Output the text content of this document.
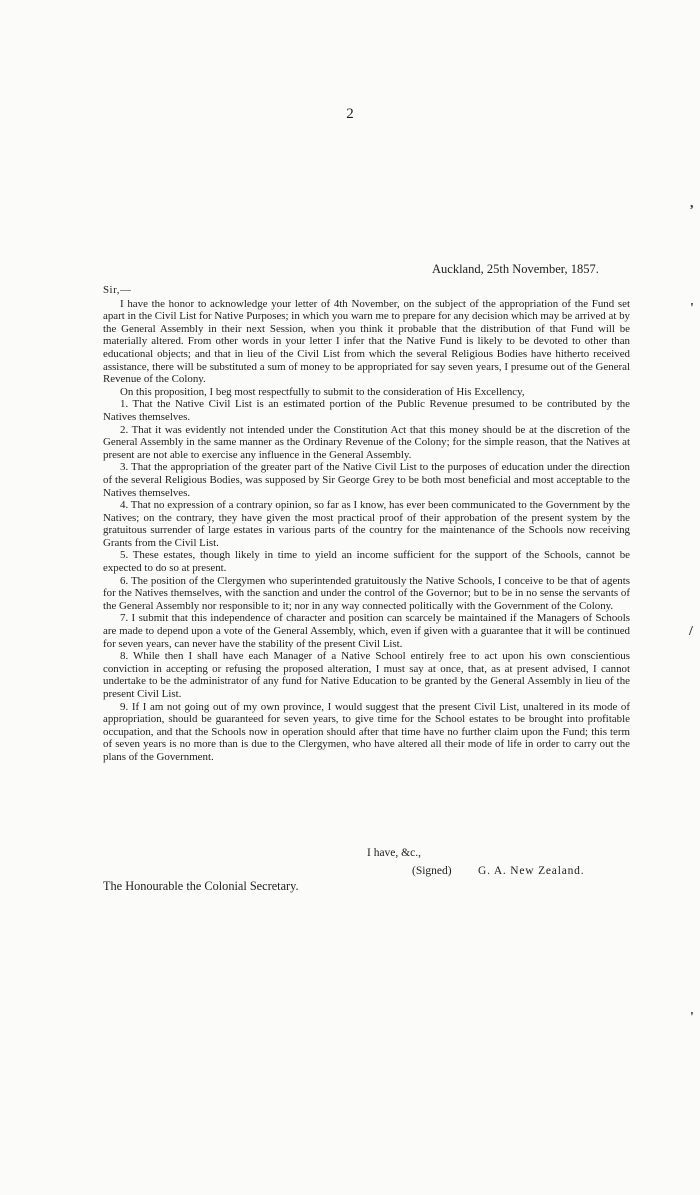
2
Auckland, 25th November, 1857.
Sir,—

I have the honor to acknowledge your letter of 4th November, on the subject of the appropriation of the Fund set apart in the Civil List for Native Purposes; in which you warn me to prepare for any decision which may be arrived at by the General Assembly in their next Session, when you think it probable that the distribution of that Fund will be materially altered. From other words in your letter I infer that the Native Fund is likely to be devoted to other than educational objects; and that in lieu of the Civil List from which the several Religious Bodies have hitherto received assistance, there will be substituted a sum of money to be appropriated for say seven years, I presume out of the General Revenue of the Colony.

On this proposition, I beg most respectfully to submit to the consideration of His Excellency,

1. That the Native Civil List is an estimated portion of the Public Revenue presumed to be contributed by the Natives themselves.

2. That it was evidently not intended under the Constitution Act that this money should be at the discretion of the General Assembly in the same manner as the Ordinary Revenue of the Colony; for the simple reason, that the Natives at present are not able to exercise any influence in the General Assembly.

3. That the appropriation of the greater part of the Native Civil List to the purposes of education under the direction of the several Religious Bodies, was supposed by Sir George Grey to be both most beneficial and most acceptable to the Natives themselves.

4. That no expression of a contrary opinion, so far as I know, has ever been communicated to the Government by the Natives; on the contrary, they have given the most practical proof of their approbation of the present system by the gratuitous surrender of large estates in various parts of the country for the maintenance of the Schools now receiving Grants from the Civil List.

5. These estates, though likely in time to yield an income sufficient for the support of the Schools, cannot be expected to do so at present.

6. The position of the Clergymen who superintended gratuitously the Native Schools, I conceive to be that of agents for the Natives themselves, with the sanction and under the control of the Governor; but to be in no sense the servants of the General Assembly nor responsible to it; nor in any way connected politically with the Government of the Colony.

7. I submit that this independence of character and position can scarcely be maintained if the Managers of Schools are made to depend upon a vote of the General Assembly, which, even if given with a guarantee that it will be continued for seven years, can never have the stability of the present Civil List.

8. While then I shall have each Manager of a Native School entirely free to act upon his own conscientious conviction in accepting or refusing the proposed alteration, I must say at once, that, as at present advised, I cannot undertake to be the administrator of any fund for Native Education to be granted by the General Assembly in lieu of the present Civil List.

9. If I am not going out of my own province, I would suggest that the present Civil List, unaltered in its mode of appropriation, should be guaranteed for seven years, to give time for the School estates to be brought into profitable occupation, and that the Schools now in operation should after that time have no further claim upon the Fund; this term of seven years is no more than is due to the Clergymen, who have altered all their mode of life in order to carry out the plans of the Government.

I have, &c.,
(Signed) G. A. New Zealand.
The Honourable the Colonial Secretary.
,
'
/
'
